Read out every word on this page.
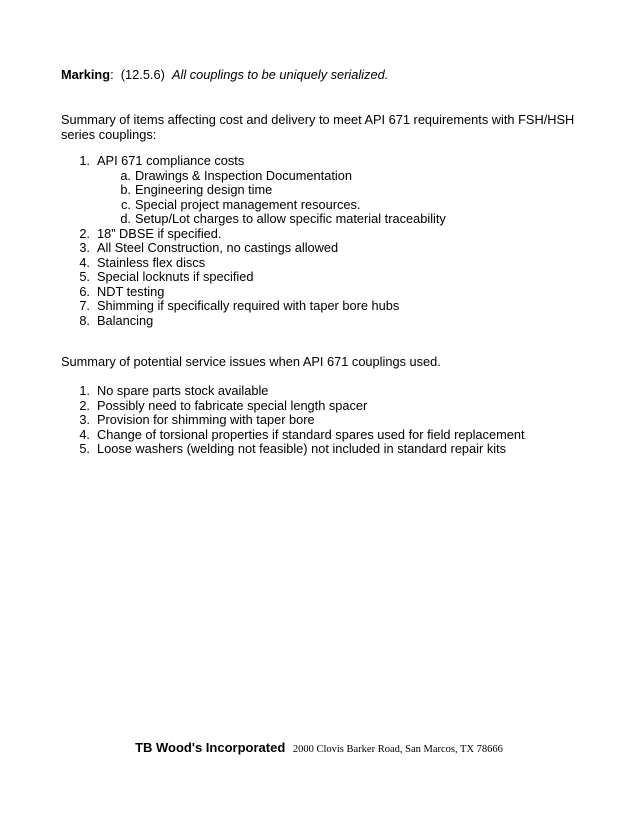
Marking: (12.5.6) All couplings to be uniquely serialized.
Summary of items affecting cost and delivery to meet API 671 requirements with FSH/HSH series couplings:
1. API 671 compliance costs
a. Drawings & Inspection Documentation
b. Engineering design time
c. Special project management resources.
d. Setup/Lot charges to allow specific material traceability
2. 18” DBSE if specified.
3. All Steel Construction, no castings allowed
4. Stainless flex discs
5. Special locknuts if specified
6. NDT testing
7. Shimming if specifically required with taper bore hubs
8. Balancing
Summary of potential service issues when API 671 couplings used.
1. No spare parts stock available
2. Possibly need to fabricate special length spacer
3. Provision for shimming with taper bore
4. Change of torsional properties if standard spares used for field replacement
5. Loose washers (welding not feasible) not included in standard repair kits
TB Wood's Incorporated 2000 Clovis Barker Road, San Marcos, TX 78666
